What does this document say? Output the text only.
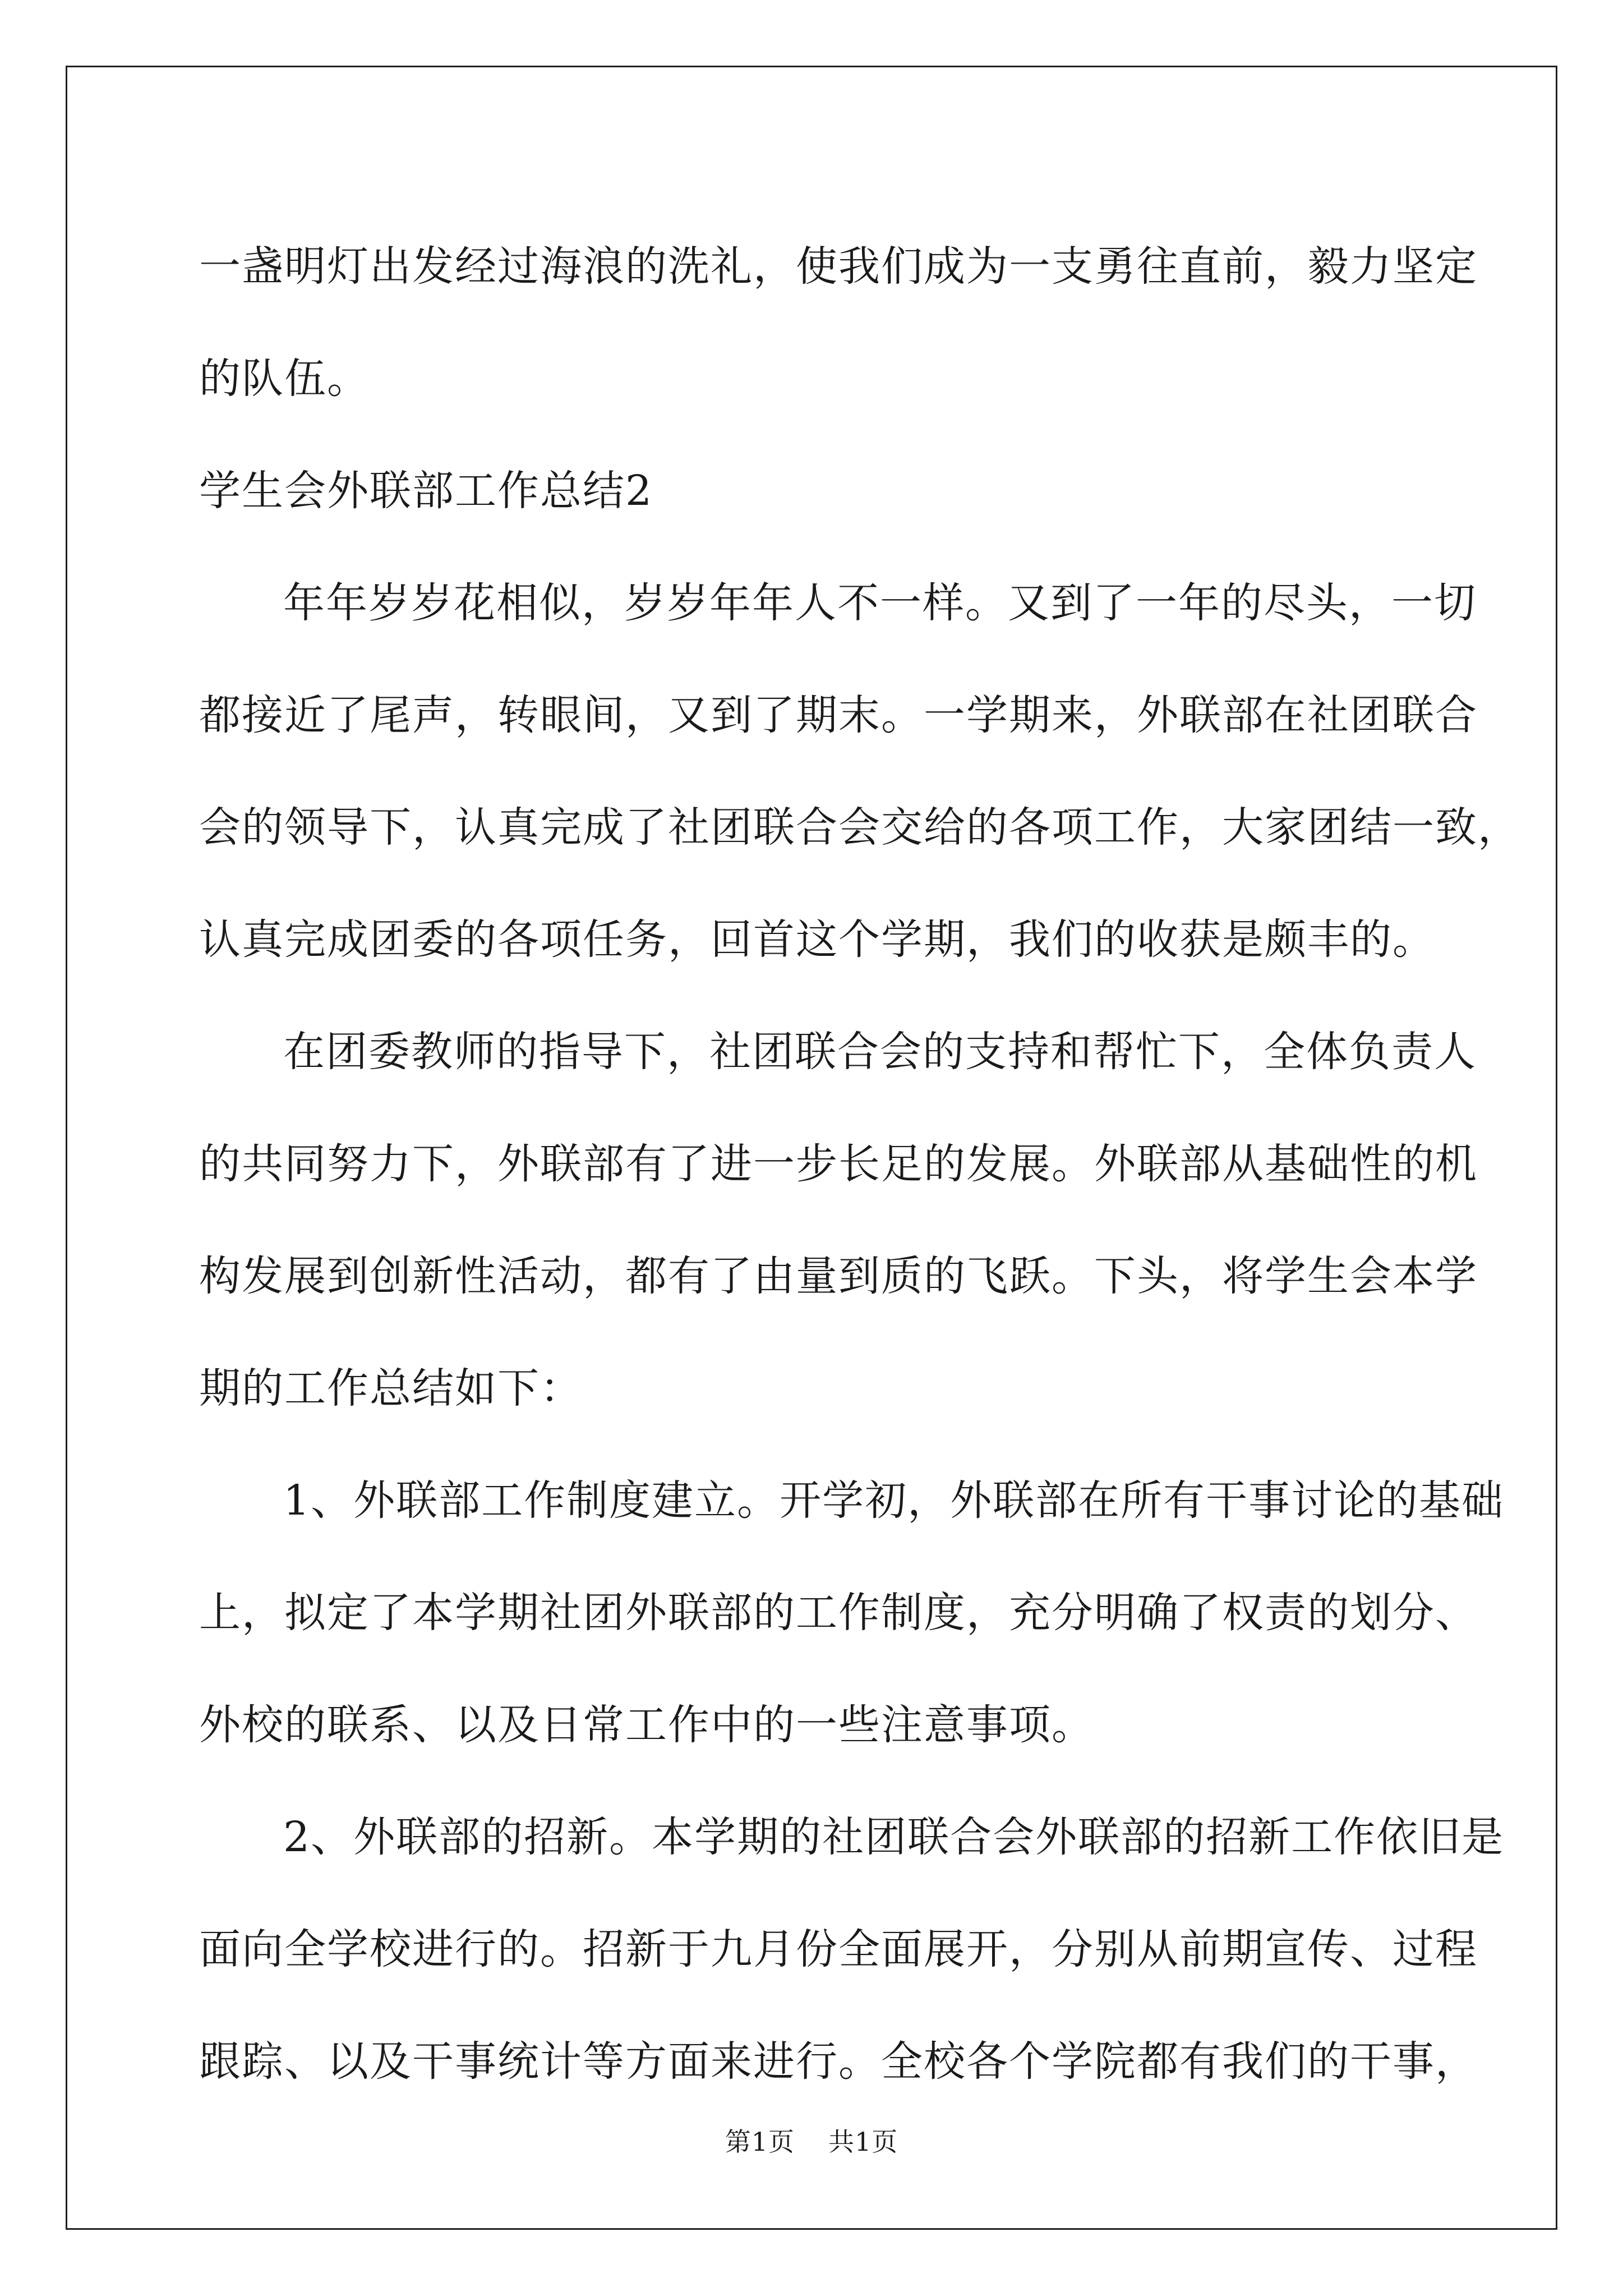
一盏明灯出发经过海浪的洗礼，使我们成为一支勇往直前，毅力坚定
的队伍。
学生会外联部工作总结2
年年岁岁花相似，岁岁年年人不一样。又到了一年的尽头，一切
都接近了尾声，转眼间，又到了期末。一学期来，外联部在社团联合
会的领导下，认真完成了社团联合会交给的各项工作，大家团结一致，
认真完成团委的各项任务，回首这个学期，我们的收获是颇丰的。
在团委教师的指导下，社团联合会的支持和帮忙下，全体负责人
的共同努力下，外联部有了进一步长足的发展。外联部从基础性的机
构发展到创新性活动，都有了由量到质的飞跃。下头，将学生会本学
期的工作总结如下：
1、外联部工作制度建立。开学初，外联部在所有干事讨论的基础
上，拟定了本学期社团外联部的工作制度，充分明确了权责的划分、
外校的联系、以及日常工作中的一些注意事项。
2、外联部的招新。本学期的社团联合会外联部的招新工作依旧是
面向全学校进行的。招新于九月份全面展开，分别从前期宣传、过程
跟踪、以及干事统计等方面来进行。全校各个学院都有我们的干事，
第1页 共1页
